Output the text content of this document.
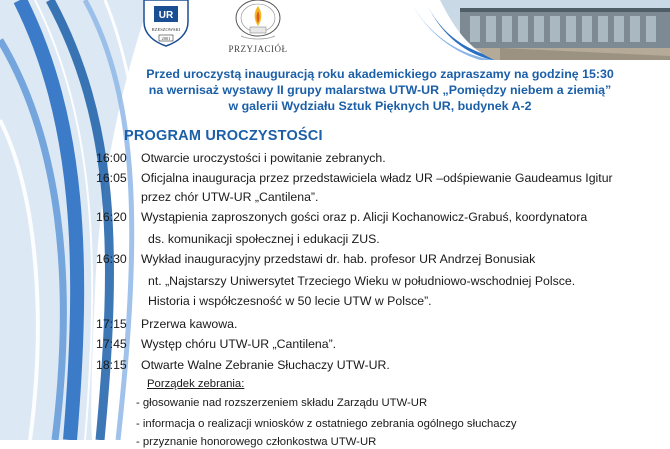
UR
RZESZOWSKI
2001
PRZYJACIÓŁ
Przed uroczystą inauguracją roku akademickiego zapraszamy na godzinę 15:30
na wernisaż wystawy II grupy malarstwa UTW-UR „Pomiędzy niebem a ziemią”
w galerii Wydziału Sztuk Pięknych UR, budynek A-2
PROGRAM UROCZYSTOŚCI
16:00 Otwarcie uroczystości i powitanie zebranych.
16:05 Oficjalna inauguracja przez przedstawiciela władz UR –odśpiewanie Gaudeamus Igitur
przez chór UTW-UR „Cantilena”.
16:20 Wystąpienia zaproszonych gości oraz p. Alicji Kochanowicz-Grabuś, koordynatora
ds. komunikacji społecznej i edukacji ZUS.
16:30 Wykład inauguracyjny przedstawi dr. hab. profesor UR Andrzej Bonusiak
nt. „Najstarszy Uniwersytet Trzeciego Wieku w południowo-wschodniej Polsce.
Historia i współczesność w 50 lecie UTW w Polsce”.
17:15 Przerwa kawowa.
17:45 Występ chóru UTW-UR „Cantilena”.
18:15 Otwarte Walne Zebranie Słuchaczy UTW-UR.
Porządek zebrania:
- głosowanie nad rozszerzeniem składu Zarządu UTW-UR
- informacja o realizacji wniosków z ostatniego zebrania ogólnego słuchaczy
- przyznanie honorowego członkostwa UTW-UR
